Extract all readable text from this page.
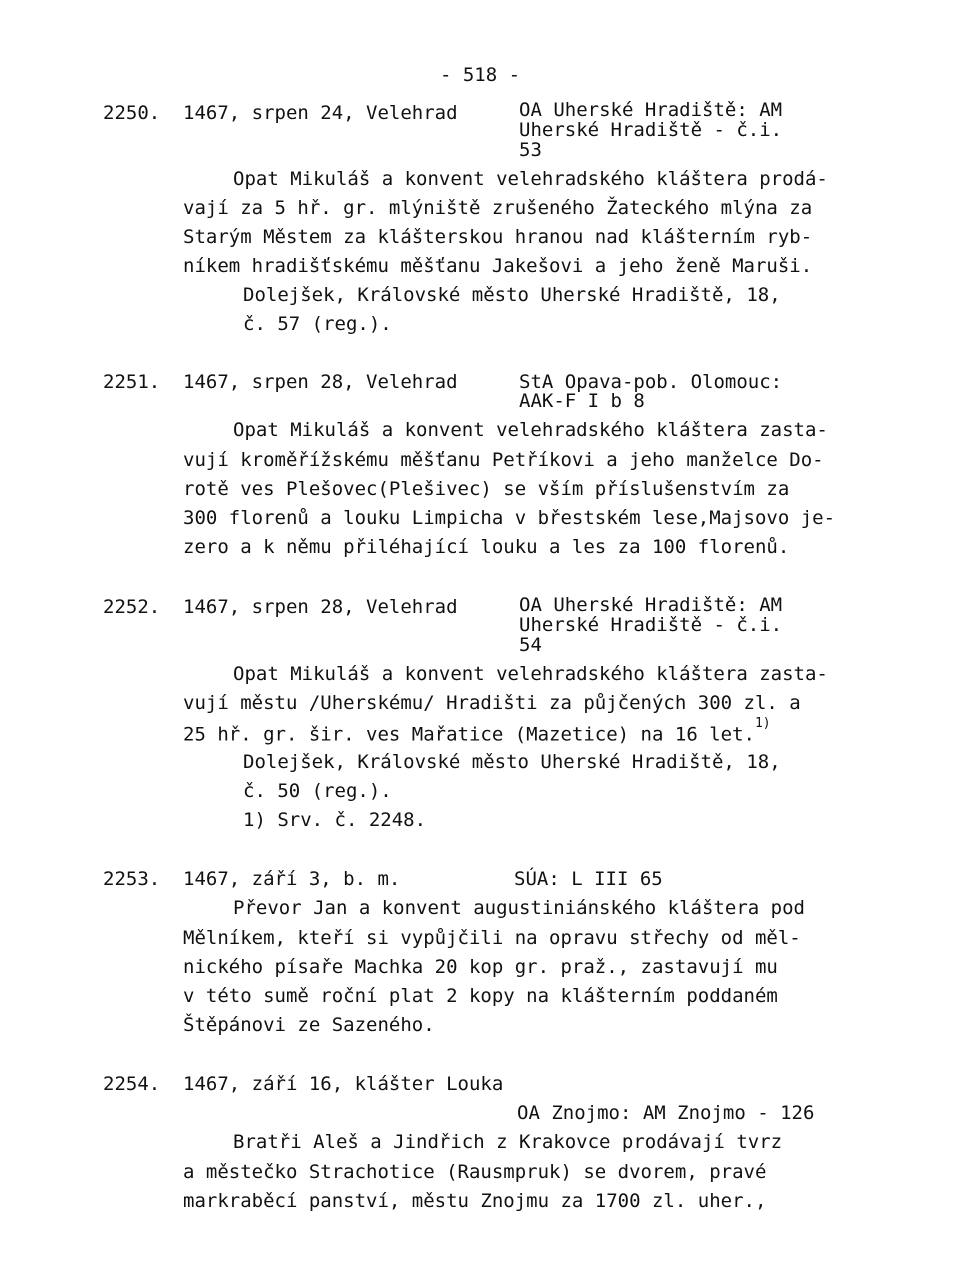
- 518 -
2250. 1467, srpen 24, Velehrad	OA Uherské Hradiště: AM
Uherské Hradiště - č.i.
53
Opat Mikuláš a konvent velehradského kláštera prodá-
vají za 5 hř. gr. mlýniště zrušeného Žateckého mlýna za
Starým Městem za klášterskou hranou nad klášterním ryb-
níkem hradišťskému měšťanu Jakešovi a jeho ženě Maruši.
Dolejšek, Královské město Uherské Hradiště, 18,
č. 57 (reg.).
2251. 1467, srpen 28, Velehrad	StA Opava-pob. Olomouc:
AAK-F I b 8
Opat Mikuláš a konvent velehradského kláštera zasta-
vují kroměřížskému měšťanu Petříkovi a jeho manželce Do-
rotě ves Plešovec(Plešivec) se vším příslušenstvím za
300 florenů a louku Limpicha v břestském lese,Majsovo je-
zero a k němu přiléhající louku a les za 100 florenů.
2252. 1467, srpen 28, Velehrad	OA Uherské Hradiště: AM
Uherské Hradiště - č.i.
54
Opat Mikuláš a konvent velehradského kláštera zasta-
vují městu /Uherskému/ Hradišti za půjčených 300 zl. a
25 hř. gr. šir. ves Mařatice (Mazetice) na 16 let.$^{1)}$
Dolejšek, Královské město Uherské Hradiště, 18,
č. 50 (reg.).
1) Srv. č. 2248.
2253. 1467, září 3, b. m.	SÚA: L III 65
Převor Jan a konvent augustiniánského kláštera pod
Mělníkem, kteří si vypůjčili na opravu střechy od měl-
nického písaře Machka 20 kop gr. praž., zastavují mu
v této sumě roční plat 2 kopy na klášterním poddaném
Štěpánovi ze Sazeného.
2254. 1467, září 16, klášter Louka
OA Znojmo: AM Znojmo - 126
Bratři Aleš a Jindřich z Krakovce prodávají tvrz
a městečko Strachotice (Rausmpruk) se dvorem, pravé
markraběcí panství, městu Znojmu za 1700 zl. uher.,
